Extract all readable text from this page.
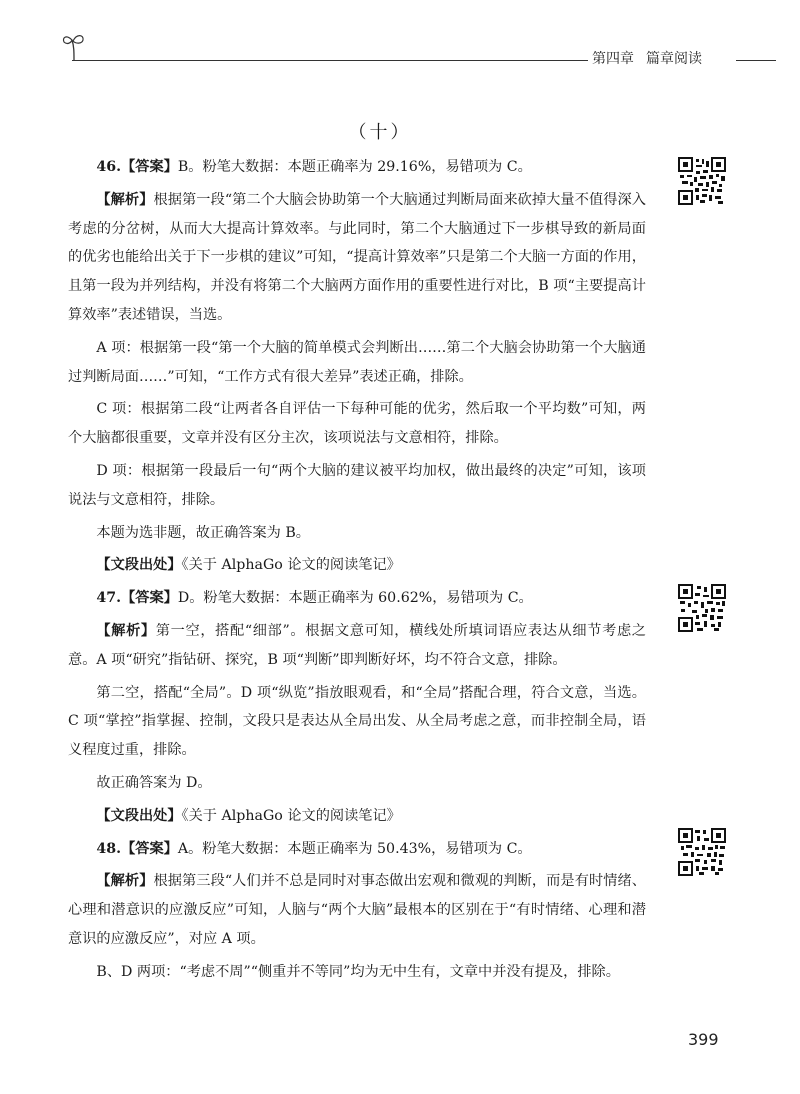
第四章 篇章阅读
（十）

46.【答案】B。粉笔大数据：本题正确率为 29.16%，易错项为 C。

【解析】根据第一段“第二个大脑会协助第一个大脑通过判断局面来砍掉大量不值得深入考虑的分岔树，从而大大提高计算效率。与此同时，第二个大脑通过下一步棋导致的新局面的优劣也能给出关于下一步棋的建议”可知，“提高计算效率”只是第二个大脑一方面的作用，且第一段为并列结构，并没有将第二个大脑两方面作用的重要性进行对比，B 项“主要提高计算效率”表述错误，当选。

A 项：根据第一段“第一个大脑的简单模式会判断出……第二个大脑会协助第一个大脑通过判断局面……”可知，“工作方式有很大差异”表述正确，排除。

C 项：根据第二段“让两者各自评估一下每种可能的优劣，然后取一个平均数”可知，两个大脑都很重要，文章并没有区分主次，该项说法与文意相符，排除。

D 项：根据第一段最后一句“两个大脑的建议被平均加权，做出最终的决定”可知，该项说法与文意相符，排除。

本题为选非题，故正确答案为 B。

【文段出处】《关于 AlphaGo 论文的阅读笔记》

47.【答案】D。粉笔大数据：本题正确率为 60.62%，易错项为 C。

【解析】第一空，搭配“细部”。根据文意可知，横线处所填词语应表达从细节考虑之意。A 项“研究”指钻研、探究，B 项“判断”即判断好坏，均不符合文意，排除。

第二空，搭配“全局”。D 项“纵览”指放眼观看，和“全局”搭配合理，符合文意，当选。C 项“掌控”指掌握、控制，文段只是表达从全局出发、从全局考虑之意，而非控制全局，语义程度过重，排除。

故正确答案为 D。

【文段出处】《关于 AlphaGo 论文的阅读笔记》

48.【答案】A。粉笔大数据：本题正确率为 50.43%，易错项为 C。

【解析】根据第三段“人们并不总是同时对事态做出宏观和微观的判断，而是有时情绪、心理和潜意识的应激反应”可知，人脑与“两个大脑”最根本的区别在于“有时情绪、心理和潜意识的应激反应”，对应 A 项。

B、D 两项：“考虑不周”“侧重并不等同”均为无中生有，文章中并没有提及，排除。

399
